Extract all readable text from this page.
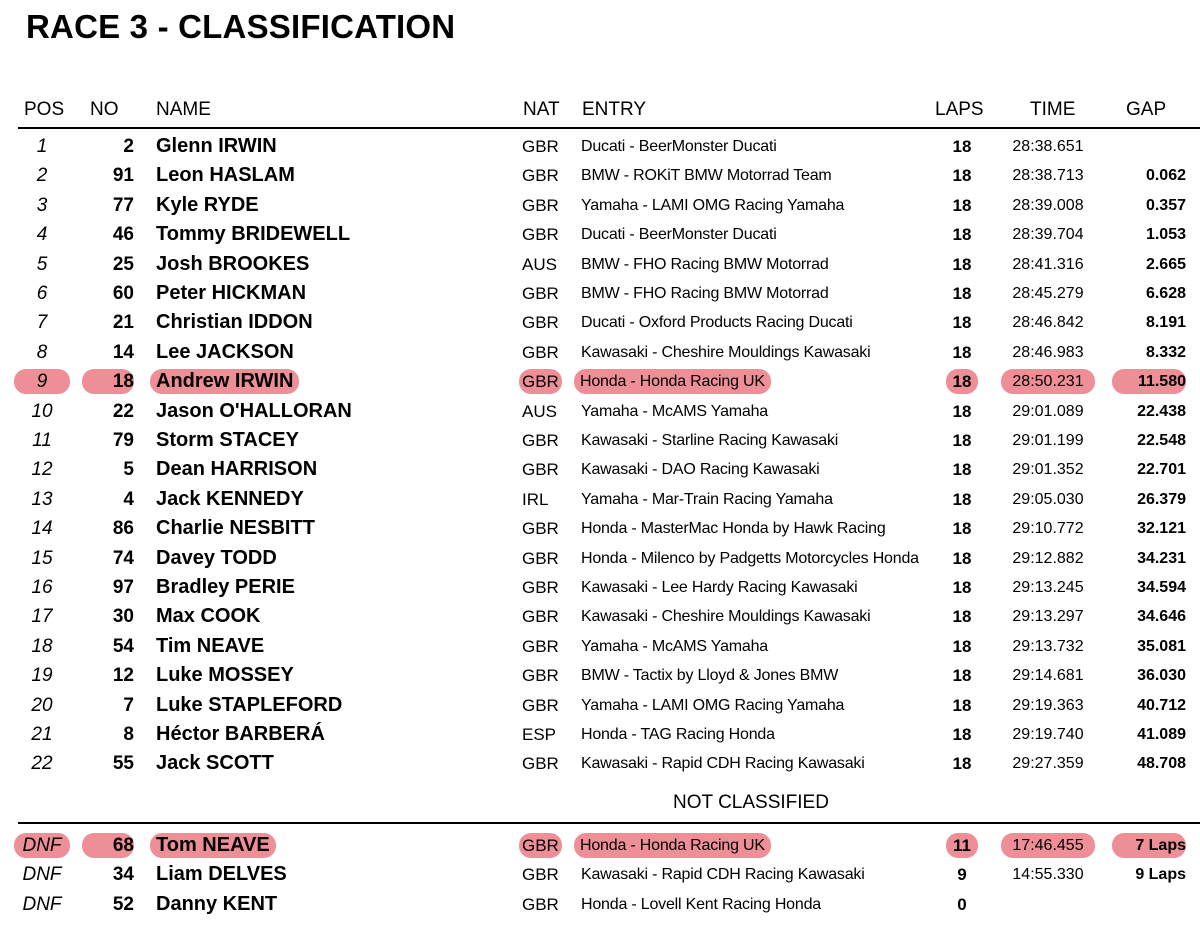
RACE 3 - CLASSIFICATION
POS NO NAME	NAT ENTRY	LAPS TIME	GAP
1	2 Glenn IRWIN	GBR Ducati - BeerMonster Ducati	18	28:38.651
2	91 Leon HASLAM	GBR BMW - ROKiT BMW Motorrad Team	18	28:38.713	0.062
3	77 Kyle RYDE	GBR Yamaha - LAMI OMG Racing Yamaha	18	28:39.008	0.357
4	46 Tommy BRIDEWELL	GBR Ducati - BeerMonster Ducati	18	28:39.704	1.053
5	25 Josh BROOKES	AUS BMW - FHO Racing BMW Motorrad	18	28:41.316	2.665
6	60 Peter HICKMAN	GBR BMW - FHO Racing BMW Motorrad	18	28:45.279	6.628
7	21 Christian IDDON	GBR Ducati - Oxford Products Racing Ducati	18	28:46.842	8.191
8	14 Lee JACKSON	GBR Kawasaki - Cheshire Mouldings Kawasaki	18	28:46.983	8.332
9	18	Andrew IRWIN	GBR	Honda - Honda Racing UK	18	28:50.231	11.580
10	22 Jason O'HALLORAN	AUS Yamaha - McAMS Yamaha	18	29:01.089	22.438
11	79 Storm STACEY	GBR Kawasaki - Starline Racing Kawasaki	18	29:01.199	22.548
12	5 Dean HARRISON	GBR Kawasaki - DAO Racing Kawasaki	18	29:01.352	22.701
13	4 Jack KENNEDY	IRL Yamaha - Mar-Train Racing Yamaha	18	29:05.030	26.379
14	86 Charlie NESBITT	GBR Honda - MasterMac Honda by Hawk Racing	18	29:10.772	32.121
15	74 Davey TODD	GBR Honda - Milenco by Padgetts Motorcycles Honda	18	29:12.882	34.231
16	97 Bradley PERIE	GBR Kawasaki - Lee Hardy Racing Kawasaki	18	29:13.245	34.594
17	30 Max COOK	GBR Kawasaki - Cheshire Mouldings Kawasaki	18	29:13.297	34.646
18	54 Tim NEAVE	GBR Yamaha - McAMS Yamaha	18	29:13.732	35.081
19	12 Luke MOSSEY	GBR BMW - Tactix by Lloyd & Jones BMW	18	29:14.681	36.030
20	7 Luke STAPLEFORD	GBR Yamaha - LAMI OMG Racing Yamaha	18	29:19.363	40.712
21	8 Héctor BARBERÁ	ESP Honda - TAG Racing Honda	18	29:19.740	41.089
22	55 Jack SCOTT	GBR Kawasaki - Rapid CDH Racing Kawasaki	18	29:27.359	48.708
NOT CLASSIFIED
DNF	68	Tom NEAVE	GBR	Honda - Honda Racing UK	11	17:46.455	7 Laps
DNF	34 Liam DELVES	GBR Kawasaki - Rapid CDH Racing Kawasaki	9	14:55.330	9 Laps
DNF	52 Danny KENT	GBR Honda - Lovell Kent Racing Honda	0
